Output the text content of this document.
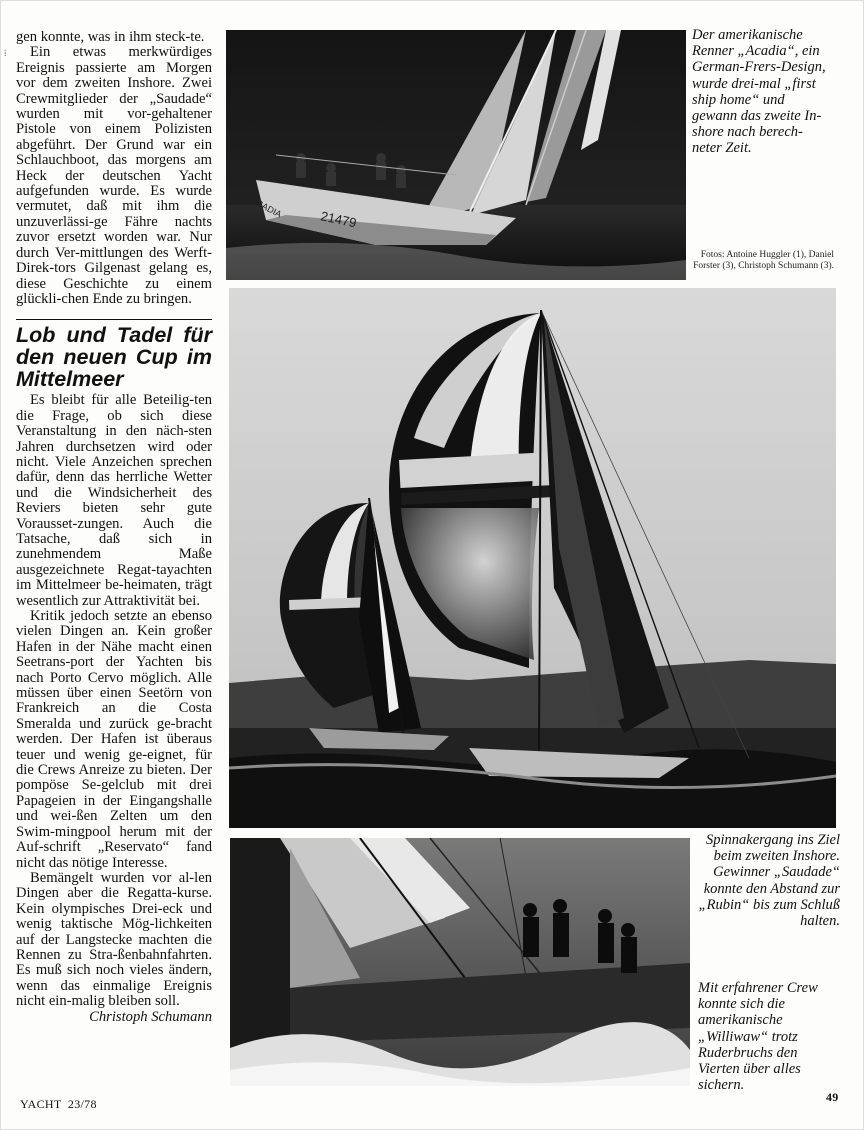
⁞

gen konnte, was in ihm steck-te.

Ein etwas merkwürdiges Ereignis passierte am Morgen vor dem zweiten Inshore. Zwei Crewmitglieder der „Saudade“ wurden mit vor-gehaltener Pistole von einem Polizisten abgeführt. Der Grund war ein Schlauchboot, das morgens am Heck der deutschen Yacht aufgefunden wurde. Es wurde vermutet, daß mit ihm die unzuverlässi-ge Fähre nachts zuvor ersetzt worden war. Nur durch Ver-mittlungen des Werft-Direk-tors Gilgenast gelang es, diese Geschichte zu einem glückli-chen Ende zu bringen.

Lob und Tadel für den neuen Cup im Mittelmeer

Es bleibt für alle Beteilig-ten die Frage, ob sich diese Veranstaltung in den näch-sten Jahren durchsetzen wird oder nicht. Viele Anzeichen sprechen dafür, denn das herrliche Wetter und die Windsicherheit des Reviers bieten sehr gute Vorausset-zungen. Auch die Tatsache, daß sich in zunehmendem Maße ausgezeichnete Regat-tayachten im Mittelmeer be-heimaten, trägt wesentlich zur Attraktivität bei.

Kritik jedoch setzte an ebenso vielen Dingen an. Kein großer Hafen in der Nähe macht einen Seetrans-port der Yachten bis nach Porto Cervo möglich. Alle müssen über einen Seetörn von Frankreich an die Costa Smeralda und zurück ge-bracht werden. Der Hafen ist überaus teuer und wenig ge-eignet, für die Crews Anreize zu bieten. Der pompöse Se-gelclub mit drei Papageien in der Eingangshalle und wei-ßen Zelten um den Swim-mingpool herum mit der Auf-schrift „Reservato“ fand nicht das nötige Interesse.

Bemängelt wurden vor al-len Dingen aber die Regatta-kurse. Kein olympisches Drei-eck und wenig taktische Mög-lichkeiten auf der Langstecke machten die Rennen zu Stra-ßenbahnfahrten. Es muß sich noch vieles ändern, wenn das einmalige Ereignis nicht ein-malig bleiben soll.

Christoph Schumann
21479
ACADIA
Der amerikanische Renner „Acadia“, ein German-Frers-Design, wurde drei-mal „first ship home“ und gewann das zweite In-shore nach berech-neter Zeit.
Fotos: Antoine Huggler (1), Daniel Forster (3), Christoph Schumann (3).
Spinnakergang ins Ziel beim zweiten Inshore. Gewinner „Saudade“ konnte den Abstand zur „Rubin“ bis zum Schluß halten.
Mit erfahrener Crew konnte sich die amerikanische „Williwaw“ trotz Ruderbruchs den Vierten über alles sichern.
YACHT 23/78	49
